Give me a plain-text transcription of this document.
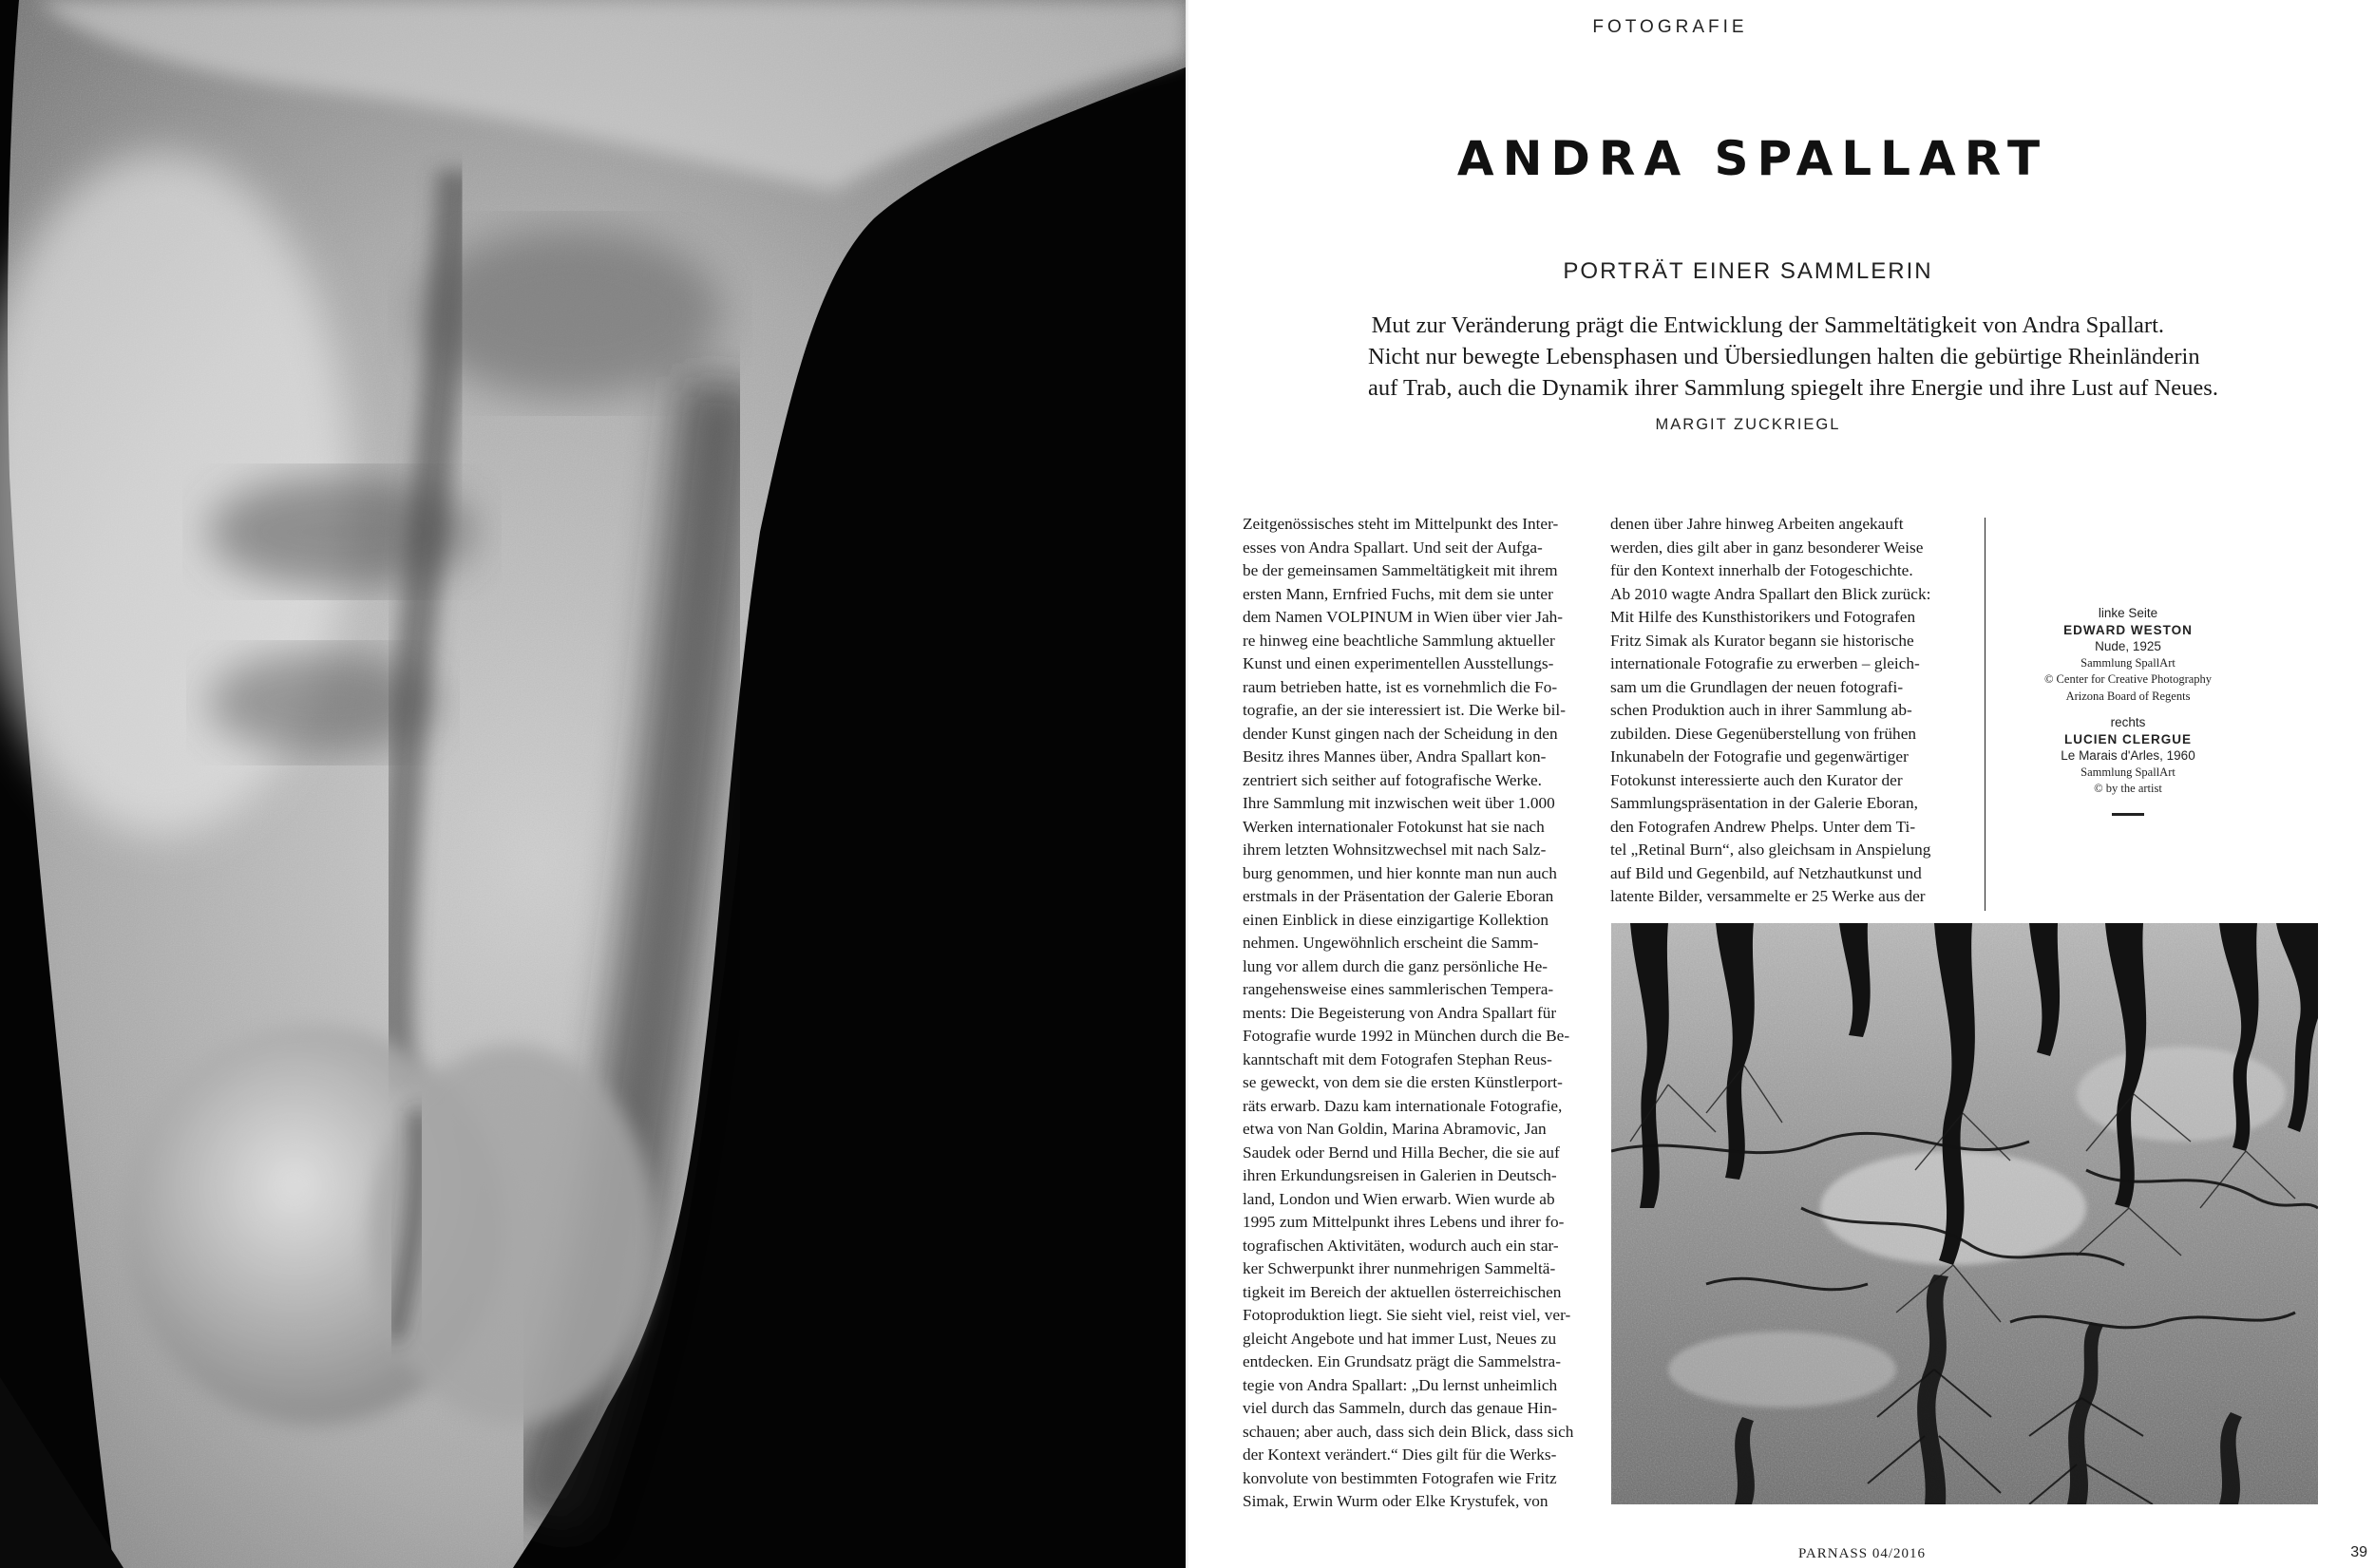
FOTOGRAFIE
ANDRA SPALLART
PORTRÄT EINER SAMMLERIN
Mut zur Veränderung prägt die Entwicklung der Sammeltätigkeit von Andra Spallart.
Nicht nur bewegte Lebensphasen und Übersiedlungen halten die gebürtige Rheinländerin
auf Trab, auch die Dynamik ihrer Sammlung spiegelt ihre Energie und ihre Lust auf Neues.
MARGIT ZUCKRIEGL
Zeitgenössisches steht im Mittelpunkt des Inter-
esses von Andra Spallart. Und seit der Aufga-
be der gemeinsamen Sammeltätigkeit mit ihrem
ersten Mann, Ernfried Fuchs, mit dem sie unter
dem Namen VOLPINUM in Wien über vier Jah-
re hinweg eine beachtliche Sammlung aktueller
Kunst und einen experimentellen Ausstellungs-
raum betrieben hatte, ist es vornehmlich die Fo-
tografie, an der sie interessiert ist. Die Werke bil-
dender Kunst gingen nach der Scheidung in den
Besitz ihres Mannes über, Andra Spallart kon-
zentriert sich seither auf fotografische Werke.
Ihre Sammlung mit inzwischen weit über 1.000
Werken internationaler Fotokunst hat sie nach
ihrem letzten Wohnsitzwechsel mit nach Salz-
burg genommen, und hier konnte man nun auch
erstmals in der Präsentation der Galerie Eboran
einen Einblick in diese einzigartige Kollektion
nehmen. Ungewöhnlich erscheint die Samm-
lung vor allem durch die ganz persönliche He-
rangehensweise eines sammlerischen Tempera-
ments: Die Begeisterung von Andra Spallart für
Fotografie wurde 1992 in München durch die Be-
kanntschaft mit dem Fotografen Stephan Reus-
se geweckt, von dem sie die ersten Künstlerport-
räts erwarb. Dazu kam internationale Fotografie,
etwa von Nan Goldin, Marina Abramovic, Jan
Saudek oder Bernd und Hilla Becher, die sie auf
ihren Erkundungsreisen in Galerien in Deutsch-
land, London und Wien erwarb. Wien wurde ab
1995 zum Mittelpunkt ihres Lebens und ihrer fo-
tografischen Aktivitäten, wodurch auch ein star-
ker Schwerpunkt ihrer nunmehrigen Sammeltä-
tigkeit im Bereich der aktuellen österreichischen
Fotoproduktion liegt. Sie sieht viel, reist viel, ver-
gleicht Angebote und hat immer Lust, Neues zu
entdecken. Ein Grundsatz prägt die Sammelstra-
tegie von Andra Spallart: „Du lernst unheimlich
viel durch das Sammeln, durch das genaue Hin-
schauen; aber auch, dass sich dein Blick, dass sich
der Kontext verändert.“ Dies gilt für die Werks-
konvolute von bestimmten Fotografen wie Fritz
Simak, Erwin Wurm oder Elke Krystufek, von
denen über Jahre hinweg Arbeiten angekauft
werden, dies gilt aber in ganz besonderer Weise
für den Kontext innerhalb der Fotogeschichte.
Ab 2010 wagte Andra Spallart den Blick zurück:
Mit Hilfe des Kunsthistorikers und Fotografen
Fritz Simak als Kurator begann sie historische
internationale Fotografie zu erwerben – gleich-
sam um die Grundlagen der neuen fotografi-
schen Produktion auch in ihrer Sammlung ab-
zubilden. Diese Gegenüberstellung von frühen
Inkunabeln der Fotografie und gegenwärtiger
Fotokunst interessierte auch den Kurator der
Sammlungspräsentation in der Galerie Eboran,
den Fotografen Andrew Phelps. Unter dem Ti-
tel „Retinal Burn“, also gleichsam in Anspielung
auf Bild und Gegenbild, auf Netzhautkunst und
latente Bilder, versammelte er 25 Werke aus der
linke Seite
EDWARD WESTON
Nude, 1925
Sammlung SpallArt
© Center for Creative Photography
Arizona Board of Regents
rechts
LUCIEN CLERGUE
Le Marais d'Arles, 1960
Sammlung SpallArt
© by the artist
PARNASS 04/2016	39
